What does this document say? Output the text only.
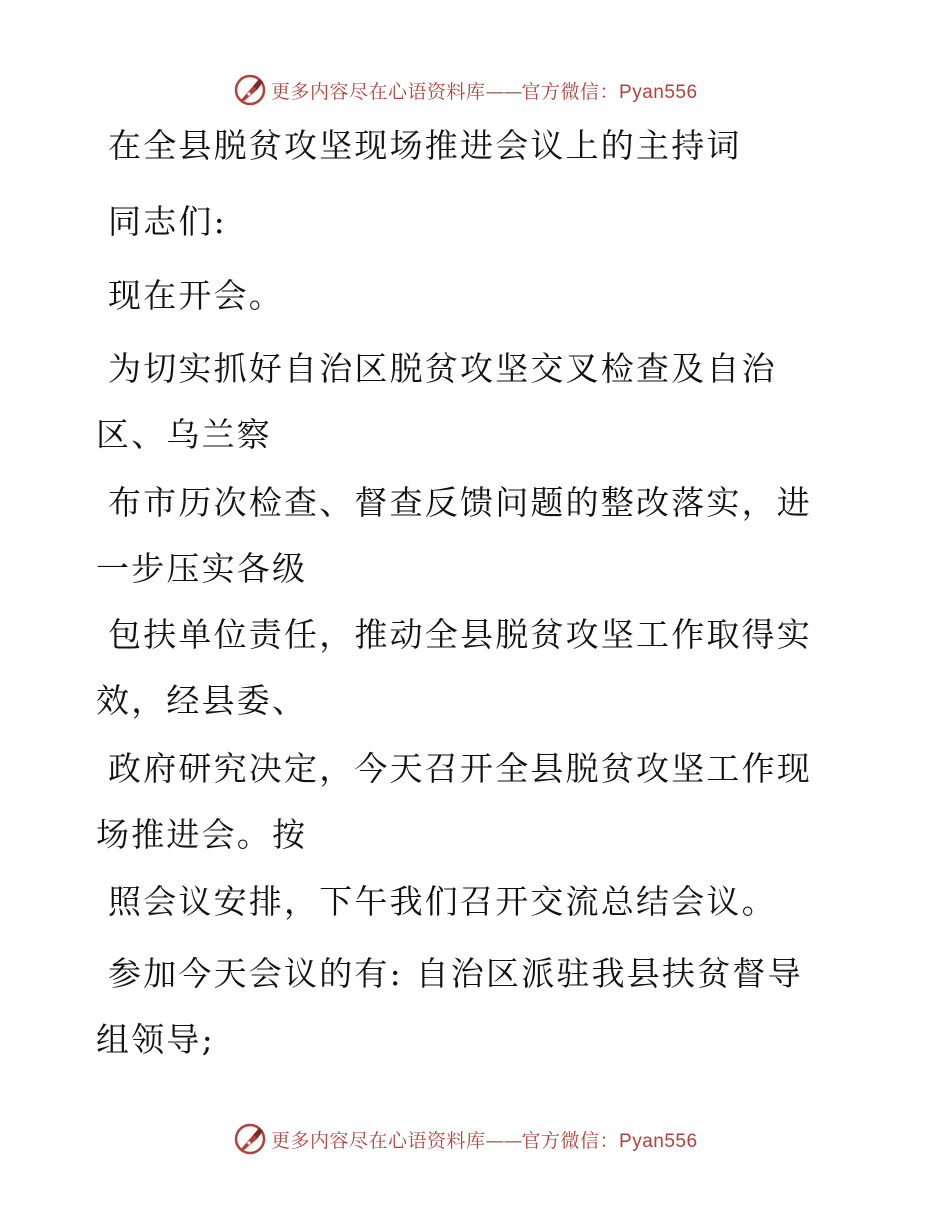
更多内容尽在心语资料库——官方微信：Pyan556

在全县脱贫攻坚现场推进会议上的主持词

同志们:

现在开会。

为切实抓好自治区脱贫攻坚交叉检查及自治区、乌兰察

布市历次检查、督查反馈问题的整改落实，进一步压实各级

包扶单位责任，推动全县脱贫攻坚工作取得实效，经县委、

政府研究决定，今天召开全县脱贫攻坚工作现场推进会。按

照会议安排，下午我们召开交流总结会议。

参加今天会议的有: 自治区派驻我县扶贫督导组领导;

更多内容尽在心语资料库——官方微信：Pyan556
